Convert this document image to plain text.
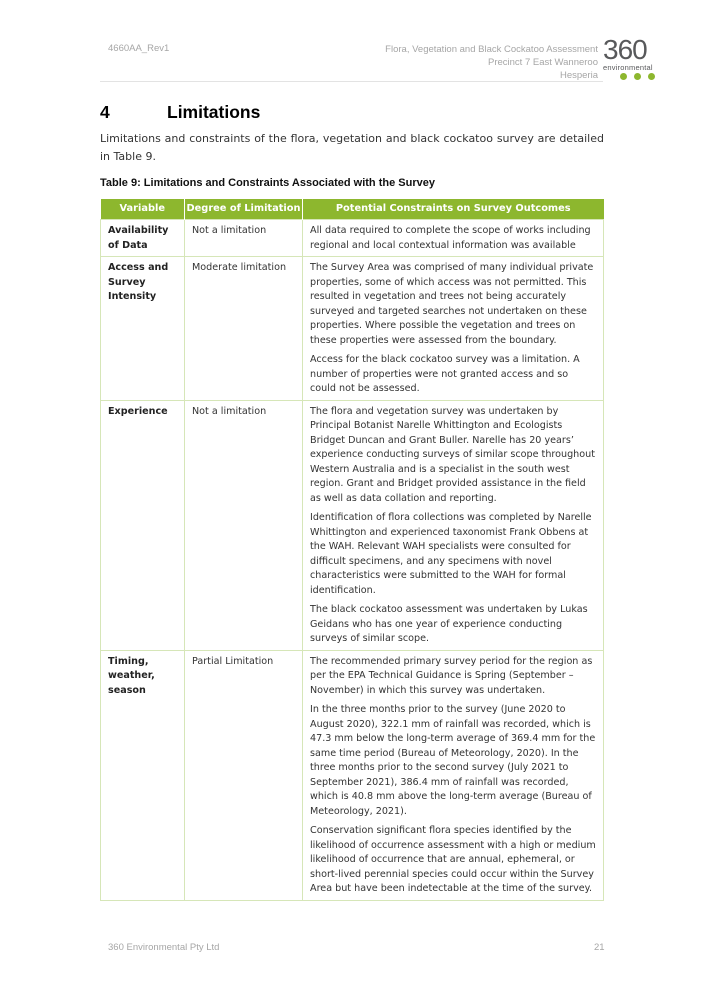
4660AA_Rev1	Flora, Vegetation and Black Cockatoo Assessment
Precinct 7 East Wanneroo
Hesperia
360
environmental
4	Limitations
Limitations and constraints of the flora, vegetation and black cockatoo survey are detailed in Table 9.
Table 9: Limitations and Constraints Associated with the Survey
Variable	Degree of Limitation	Potential Constraints on Survey Outcomes
Availability of Data	Not a limitation	All data required to complete the scope of works including regional and local contextual information was available

Access and Survey Intensity	Moderate limitation	The Survey Area was comprised of many individual private properties, some of which access was not permitted. This resulted in vegetation and trees not being accurately surveyed and targeted searches not undertaken on these properties. Where possible the vegetation and trees on these properties were assessed from the boundary.

Access for the black cockatoo survey was a limitation. A number of properties were not granted access and so could not be assessed.

Experience	Not a limitation	The flora and vegetation survey was undertaken by Principal Botanist Narelle Whittington and Ecologists Bridget Duncan and Grant Buller. Narelle has 20 years’ experience conducting surveys of similar scope throughout Western Australia and is a specialist in the south west region. Grant and Bridget provided assistance in the field as well as data collation and reporting.

Identification of flora collections was completed by Narelle Whittington and experienced taxonomist Frank Obbens at the WAH. Relevant WAH specialists were consulted for difficult specimens, and any specimens with novel characteristics were submitted to the WAH for formal identification.

The black cockatoo assessment was undertaken by Lukas Geidans who has one year of experience conducting surveys of similar scope.

Timing, weather, season	Partial Limitation	The recommended primary survey period for the region as per the EPA Technical Guidance is Spring (September – November) in which this survey was undertaken.

In the three months prior to the survey (June 2020 to August 2020), 322.1 mm of rainfall was recorded, which is 47.3 mm below the long-term average of 369.4 mm for the same time period (Bureau of Meteorology, 2020). In the three months prior to the second survey (July 2021 to September 2021), 386.4 mm of rainfall was recorded, which is 40.8 mm above the long-term average (Bureau of Meteorology, 2021).

Conservation significant flora species identified by the likelihood of occurrence assessment with a high or medium likelihood of occurrence that are annual, ephemeral, or short-lived perennial species could occur within the Survey Area but have been indetectable at the time of the survey.

360 Environmental Pty Ltd	21
